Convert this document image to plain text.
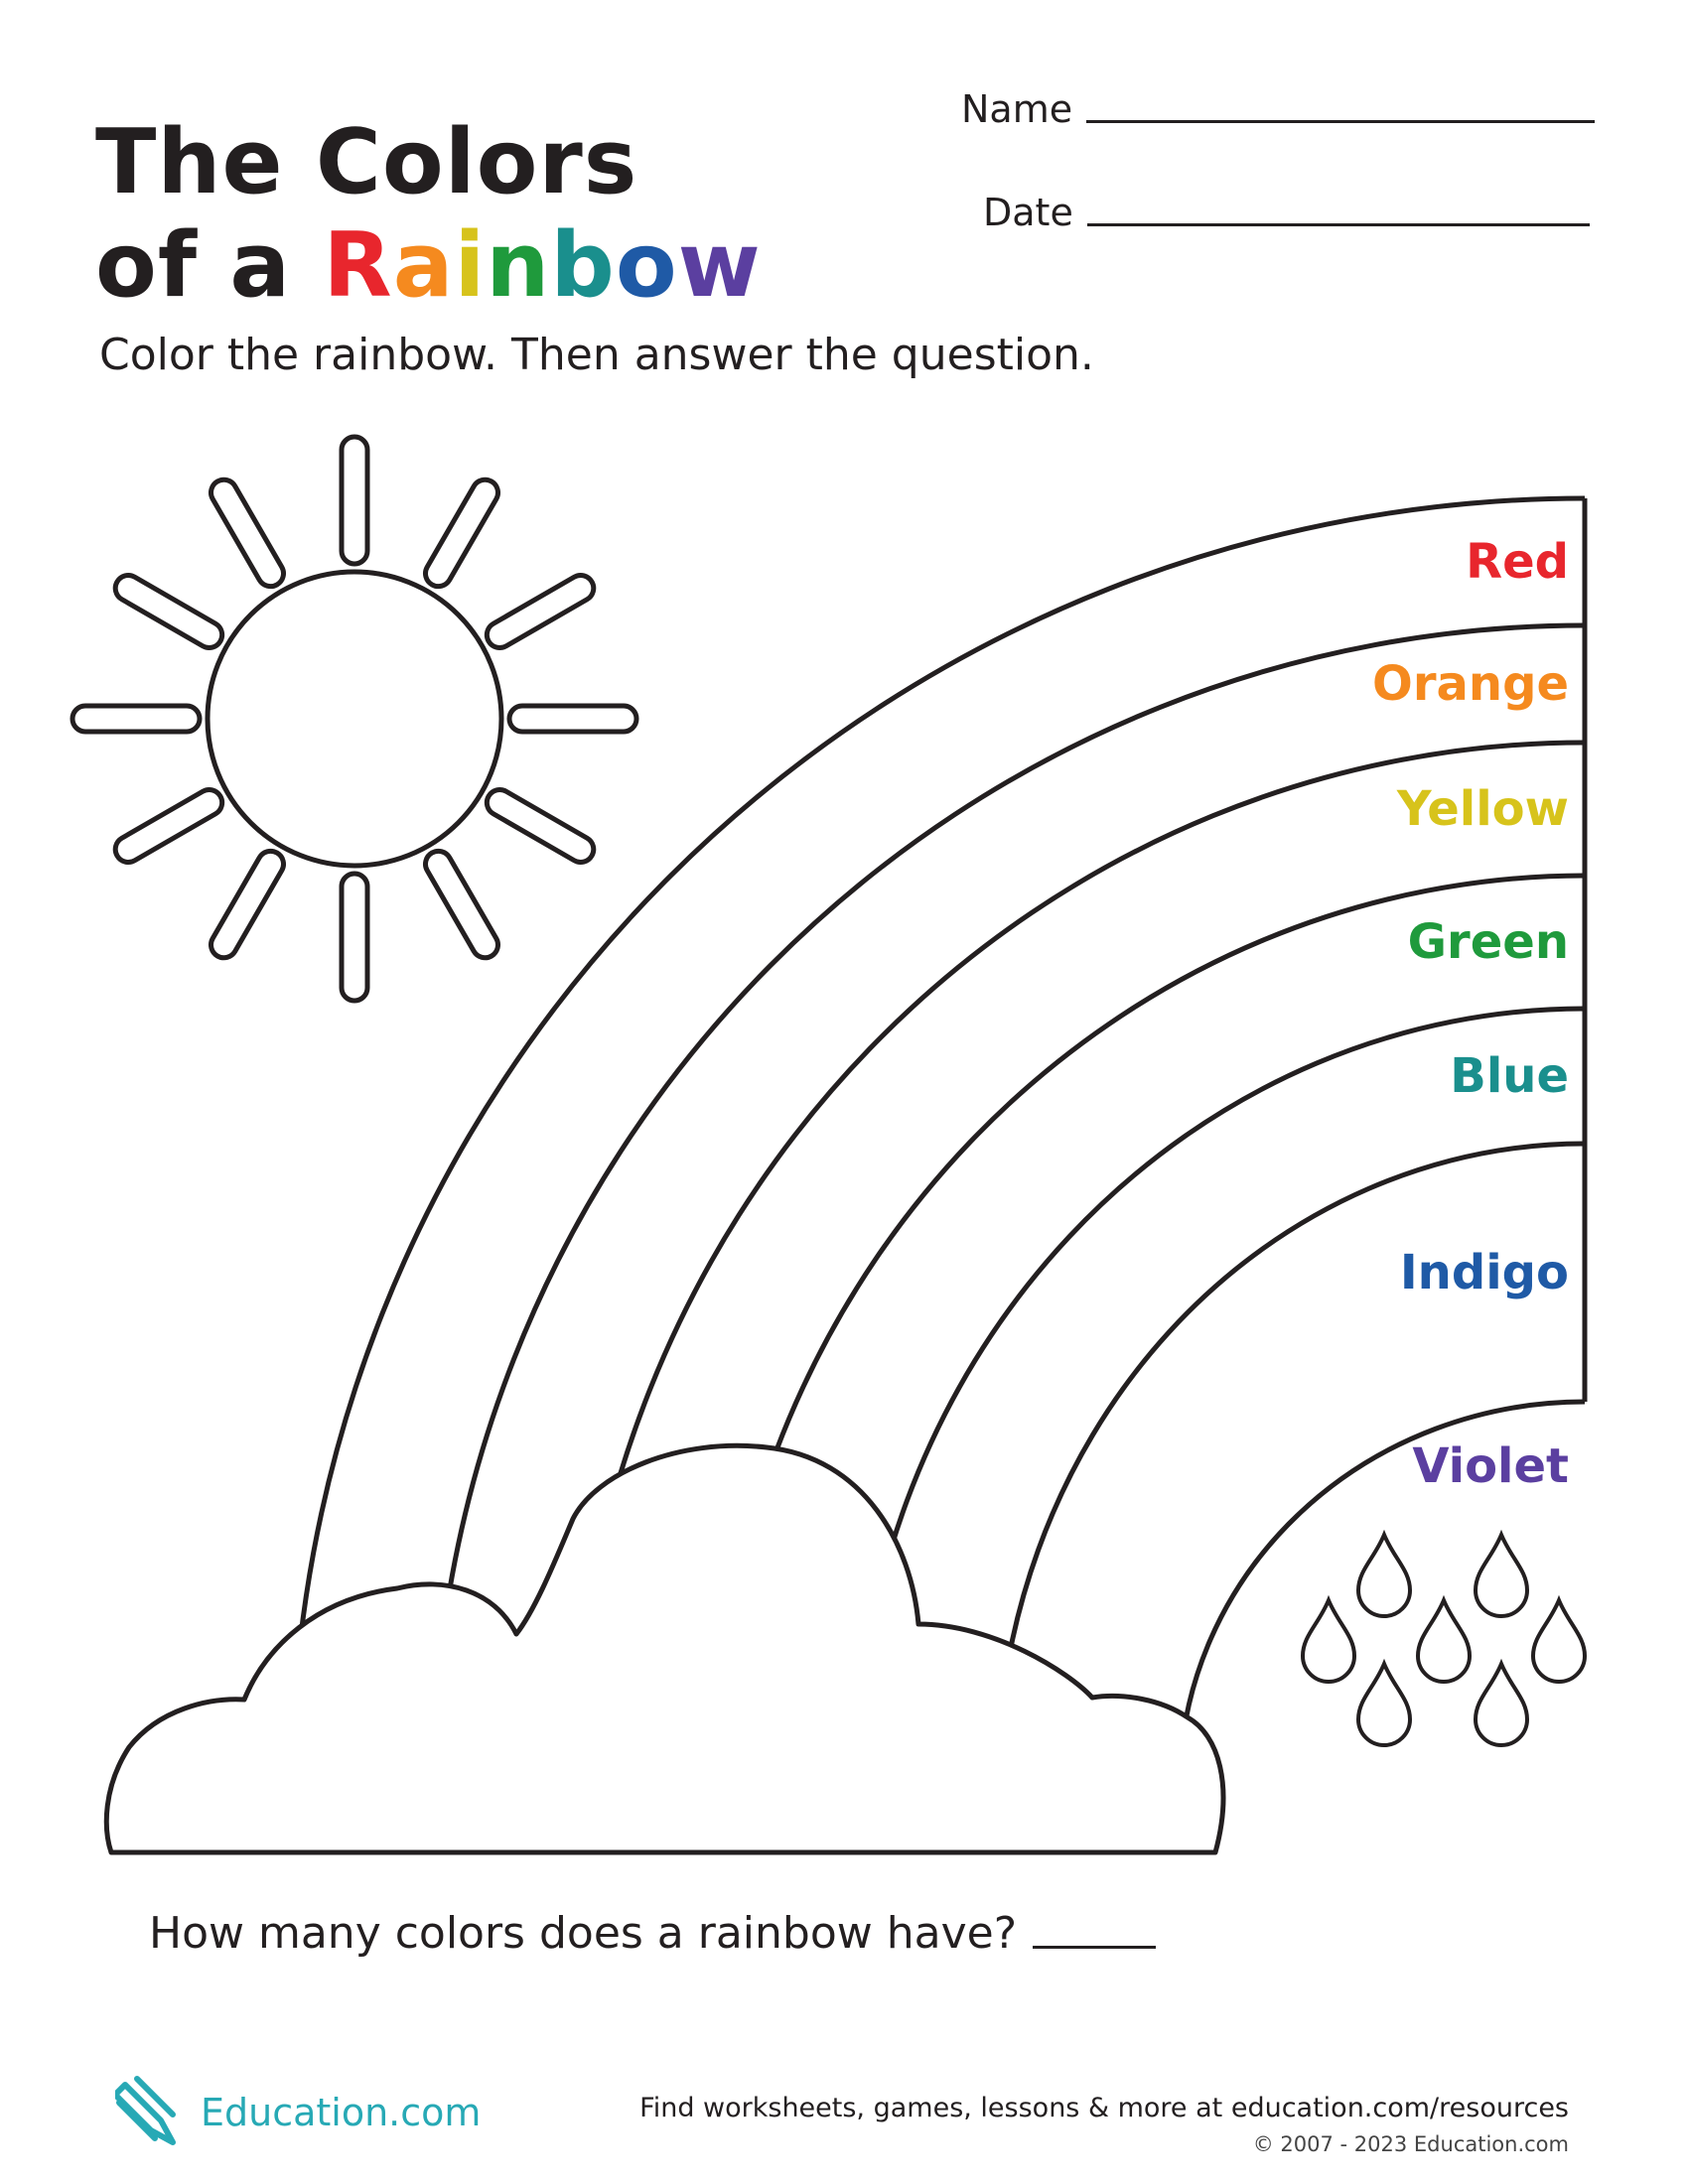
The Colors
of a Rainbow
Name
Date

Color the rainbow. Then answer the question.

Red
Orange
Yellow
Green
Blue
Indigo
Violet
How many colors does a rainbow have?
Education.com	Find worksheets, games, lessons & more at education.com/resources
© 2007 - 2023 Education.com
